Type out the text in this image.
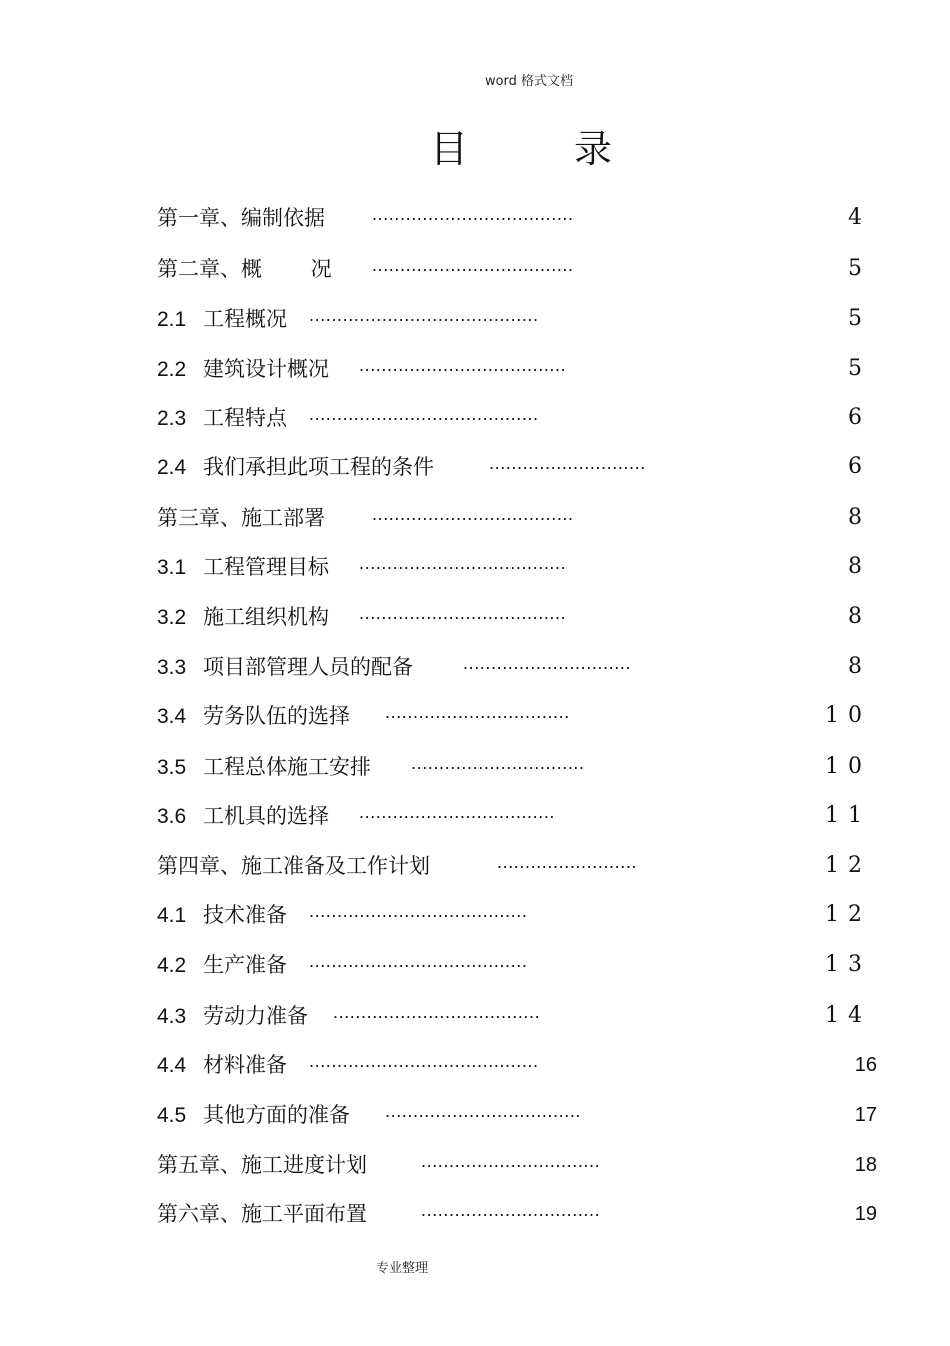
word 格式文档
目	录
第一章、编制依据	....................................	4
第二章、概　　 况 ....................................	5
2.1 工程概况 .........................................	5
2.2 建筑设计概况 .....................................	5
2.3 工程特点 .........................................	6
2.4 我们承担此项工程的条件	............................	6
第三章、施工部署	....................................	8
3.1 工程管理目标 .....................................	8
3.2 施工组织机构 .....................................	8
3.3 项目部管理人员的配备	..............................	8
3.4 劳务队伍的选择 .................................	10
3.5 工程总体施工安排 ...............................	10
3.6 工机具的选择 ...................................	11
第四章、施工准备及工作计划	.........................	12
4.1 技术准备 .......................................	12
4.2 生产准备 .......................................	13
4.3 劳动力准备 .....................................	14
4.4 材料准备 .........................................	16
4.5 其他方面的准备 ...................................	17
第五章、施工进度计划	................................	18
第六章、施工平面布置	................................	19
专业整理
